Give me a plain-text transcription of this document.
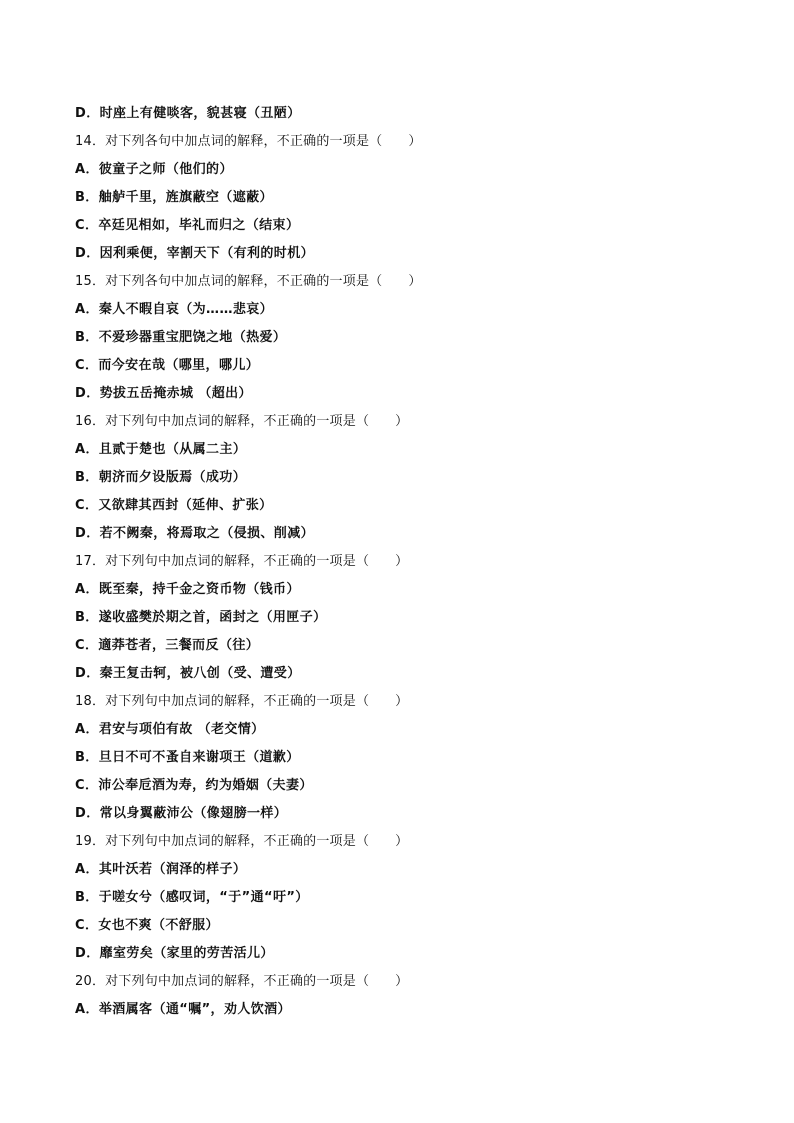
D．时座上有健啖客，貌甚寝（丑陋）
14．对下列各句中加点词的解释，不正确的一项是（ ）
A．彼童子之师（他们的）
B．舳舻千里，旌旗蔽空（遮蔽）
C．卒廷见相如，毕礼而归之（结束）
D．因利乘便，宰割天下（有利的时机）
15．对下列各句中加点词的解释，不正确的一项是（ ）
A．秦人不暇自哀（为……悲哀）
B．不爱珍器重宝肥饶之地（热爱）
C．而今安在哉（哪里，哪儿）
D．势拔五岳掩赤城 （超出）
16．对下列句中加点词的解释，不正确的一项是（ ）
A．且贰于楚也（从属二主）
B．朝济而夕设版焉（成功）
C．又欲肆其西封（延伸、扩张）
D．若不阙秦，将焉取之（侵损、削减）
17．对下列句中加点词的解释，不正确的一项是（ ）
A．既至秦，持千金之资币物（钱币）
B．遂收盛樊於期之首，函封之（用匣子）
C．適莽苍者，三餐而反（往）
D．秦王复击轲，被八创（受、遭受）
18．对下列句中加点词的解释，不正确的一项是（ ）
A．君安与项伯有故 （老交情）
B．旦日不可不蚤自来谢项王（道歉）
C．沛公奉卮酒为寿，约为婚姻（夫妻）
D．常以身翼蔽沛公（像翅膀一样）
19．对下列句中加点词的解释，不正确的一项是（ ）
A．其叶沃若（润泽的样子）
B．于嗟女兮（感叹词，“于”通“吁”）
C．女也不爽（不舒服）
D．靡室劳矣（家里的劳苦活儿）
20．对下列句中加点词的解释，不正确的一项是（ ）
A．举酒属客（通“嘱”，劝人饮酒）
